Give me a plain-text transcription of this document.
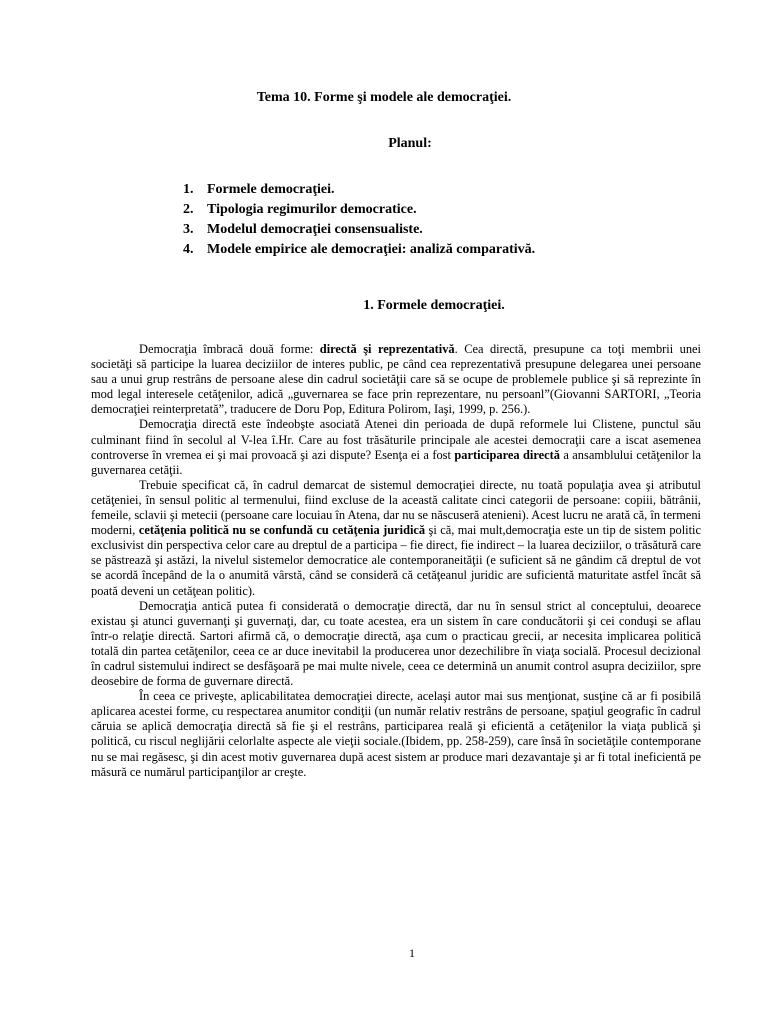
Tema 10. Forme şi modele ale democraţiei.
Planul:
1. Formele democraţiei.
2. Tipologia regimurilor democratice.
3. Modelul democraţiei consensualiste.
4. Modele empirice ale democraţiei: analiză comparativă.
1. Formele democraţiei.

Democraţia îmbracă două forme: directă şi reprezentativă. Cea directă, presupune ca toţi membrii unei societăţi să participe la luarea deciziilor de interes public, pe când cea reprezentativă presupune delegarea unei persoane sau a unui grup restrâns de persoane alese din cadrul societăţii care să se ocupe de problemele publice şi să reprezinte în mod legal interesele cetăţenilor, adică „guvernarea se face prin reprezentare, nu persoanl”(Giovanni SARTORI, „Teoria democraţiei reinterpretată”, traducere de Doru Pop, Editura Polirom, Iaşi, 1999, p. 256.).

Democraţia directă este îndeobşte asociată Atenei din perioada de după reformele lui Clistene, punctul său culminant fiind în secolul al V-lea î.Hr. Care au fost trăsăturile principale ale acestei democraţii care a iscat asemenea controverse în vremea ei şi mai provoacă şi azi dispute? Esenţa ei a fost participarea directă a ansamblului cetăţenilor la guvernarea cetăţii.

Trebuie specificat că, în cadrul demarcat de sistemul democraţiei directe, nu toată populaţia avea şi atributul cetăţeniei, în sensul politic al termenului, fiind excluse de la această calitate cinci categorii de persoane: copiii, bătrânii, femeile, sclavii şi metecii (persoane care locuiau în Atena, dar nu se născuseră atenieni). Acest lucru ne arată că, în termeni moderni, cetăţenia politică nu se confundă cu cetăţenia juridică şi că, mai mult,democraţia este un tip de sistem politic exclusivist din perspectiva celor care au dreptul de a participa – fie direct, fie indirect – la luarea deciziilor, o trăsătură care se păstrează şi astăzi, la nivelul sistemelor democratice ale contemporaneităţii (e suficient să ne gândim că dreptul de vot se acordă începând de la o anumită vârstă, când se consideră că cetăţeanul juridic are suficientă maturitate astfel încât să poată deveni un cetăţean politic).

Democraţia antică putea fi considerată o democraţie directă, dar nu în sensul strict al conceptului, deoarece existau şi atunci guvernanţi şi guvernaţi, dar, cu toate acestea, era un sistem în care conducătorii şi cei conduşi se aflau într-o relaţie directă. Sartori afirmă că, o democraţie directă, aşa cum o practicau grecii, ar necesita implicarea politică totală din partea cetăţenilor, ceea ce ar duce inevitabil la producerea unor dezechilibre în viaţa socială. Procesul decizional în cadrul sistemului indirect se desfăşoară pe mai multe nivele, ceea ce determină un anumit control asupra deciziilor, spre deosebire de forma de guvernare directă.

În ceea ce priveşte, aplicabilitatea democraţiei directe, acelaşi autor mai sus menţionat, susţine că ar fi posibilă aplicarea acestei forme, cu respectarea anumitor condiţii (un număr relativ restrâns de persoane, spaţiul geografic în cadrul căruia se aplică democraţia directă să fie şi el restrâns, participarea reală şi eficientă a cetăţenilor la viaţa publică şi politică, cu riscul neglijării celorlalte aspecte ale vieţii sociale.(Ibidem, pp. 258-259), care însă în societăţile contemporane nu se mai regăsesc, şi din acest motiv guvernarea după acest sistem ar produce mari dezavantaje şi ar fi total ineficientă pe măsură ce numărul participanţilor ar creşte.

1
